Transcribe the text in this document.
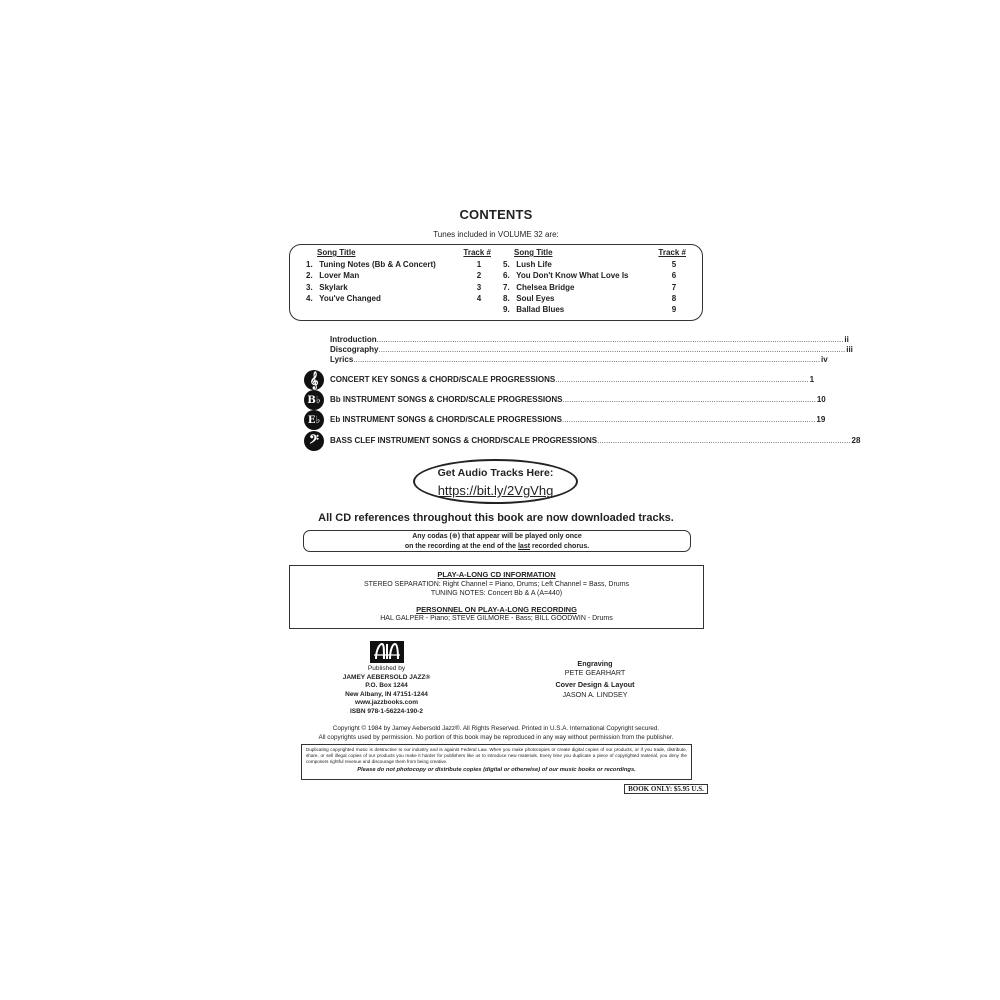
CONTENTS
Tunes included in VOLUME 32 are:
Song Title	Track #
1. Tuning Notes (Bb & A Concert)	1
2. Lover Man	2
3. Skylark	3
4. You've Changed	4
Song Title	Track #
5. Lush Life	5
6. You Don't Know What Love Is	6
7. Chelsea Bridge	7
8. Soul Eyes	8
9. Ballad Blues	9
Introduction .................................................................................................................................................................................................................. ii
Discography .................................................................................................................................................................................................................. iii
Lyrics .................................................................................................................................................................................................................. iv
𝄞	CONCERT KEY SONGS & CHORD/SCALE PROGRESSIONS .................................................................................................................. 1
B♭	Bb INSTRUMENT SONGS & CHORD/SCALE PROGRESSIONS .................................................................................................................. 10
E♭	Eb INSTRUMENT SONGS & CHORD/SCALE PROGRESSIONS .................................................................................................................. 19
𝄢	BASS CLEF INSTRUMENT SONGS & CHORD/SCALE PROGRESSIONS .................................................................................................................. 28
Get Audio Tracks Here:
https://bit.ly/2VgVhg
All CD references throughout this book are now downloaded tracks.
Any codas (⊕) that appear will be played only once
on the recording at the end of the last recorded chorus.
PLAY-A-LONG CD INFORMATION
STEREO SEPARATION: Right Channel = Piano, Drums; Left Channel = Bass, Drums
TUNING NOTES: Concert Bb & A (A=440)
PERSONNEL ON PLAY-A-LONG RECORDING
HAL GALPER - Piano; STEVE GILMORE - Bass; BILL GOODWIN - Drums
Published by
JAMEY AEBERSOLD JAZZ®
P.O. Box 1244
New Albany, IN 47151-1244
www.jazzbooks.com
ISBN 978-1-56224-190-2
Engraving
PETE GEARHART
Cover Design & Layout
JASON A. LINDSEY
Copyright © 1984 by Jamey Aebersold Jazz®. All Rights Reserved. Printed in U.S.A. International Copyright secured.
All copyrights used by permission. No portion of this book may be reproduced in any way without permission from the publisher.
Duplicating copyrighted music is destructive to our industry and is against Federal Law. When you make photocopies or create digital copies of our products, or if you trade, distribute, share, or sell illegal copies of our products you make it harder for publishers like us to introduce new materials. Every time you duplicate a piece of copyrighted material, you deny the composers rightful revenue and discourage them from being creative.
Please do not photocopy or distribute copies (digital or otherwise) of our music books or recordings.
BOOK ONLY: $5.95 U.S.
